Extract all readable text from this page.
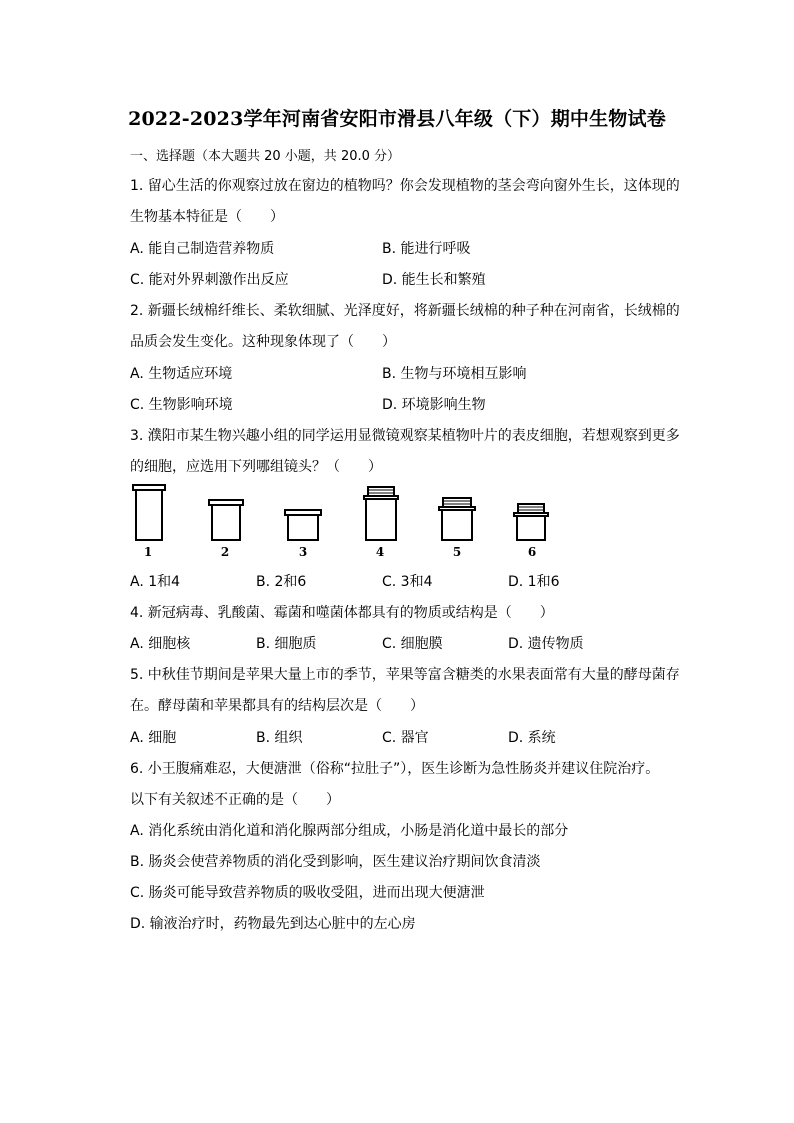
2022-2023学年河南省安阳市滑县八年级（下）期中生物试卷
一、选择题（本大题共 20 小题，共 20.0 分）
1. 留心生活的你观察过放在窗边的植物吗？你会发现植物的茎会弯向窗外生长，这体现的
生物基本特征是（　　）
A. 能自己制造营养物质	B. 能进行呼吸
C. 能对外界刺激作出反应	D. 能生长和繁殖
2. 新疆长绒棉纤维长、柔软细腻、光泽度好，将新疆长绒棉的种子种在河南省，长绒棉的
品质会发生变化。这种现象体现了（　　）
A. 生物适应环境	B. 生物与环境相互影响
C. 生物影响环境	D. 环境影响生物
3. 濮阳市某生物兴趣小组的同学运用显微镜观察某植物叶片的表皮细胞，若想观察到更多
的细胞，应选用下列哪组镜头？（　　）
1	2	3	4	5	6
A. 1和4	B. 2和6	C. 3和4	D. 1和6
4. 新冠病毒、乳酸菌、霉菌和噬菌体都具有的物质或结构是（　　）
A. 细胞核	B. 细胞质	C. 细胞膜	D. 遗传物质
5. 中秋佳节期间是苹果大量上市的季节，苹果等富含糖类的水果表面常有大量的酵母菌存
在。酵母菌和苹果都具有的结构层次是（　　）
A. 细胞	B. 组织	C. 器官	D. 系统
6. 小王腹痛难忍，大便溏泄（俗称“拉肚子”），医生诊断为急性肠炎并建议住院治疗。
以下有关叙述不正确的是（　　）
A. 消化系统由消化道和消化腺两部分组成，小肠是消化道中最长的部分
B. 肠炎会使营养物质的消化受到影响，医生建议治疗期间饮食清淡
C. 肠炎可能导致营养物质的吸收受阻，进而出现大便溏泄
D. 输液治疗时，药物最先到达心脏中的左心房
